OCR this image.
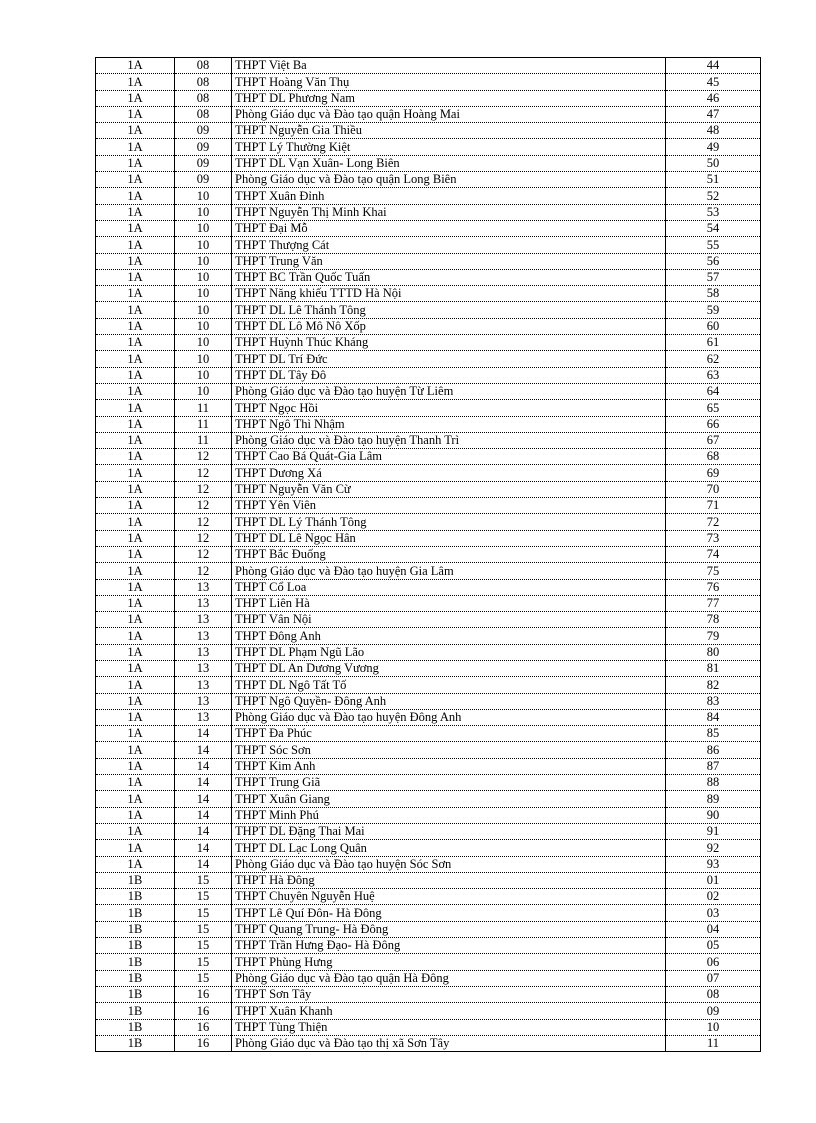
1A	08	THPT Việt Ba	44
1A	08	THPT Hoàng Văn Thụ	45
1A	08	THPT DL Phương Nam	46
1A	08	Phòng Giáo dục và Đào tạo quận Hoàng Mai	47
1A	09	THPT Nguyễn Gia Thiều	48
1A	09	THPT Lý Thường Kiệt	49
1A	09	THPT DL Vạn Xuân- Long Biên	50
1A	09	Phòng Giáo dục và Đào tạo quận Long Biên	51
1A	10	THPT Xuân Đỉnh	52
1A	10	THPT Nguyễn Thị Minh Khai	53
1A	10	THPT Đại Mỗ	54
1A	10	THPT Thượng Cát	55
1A	10	THPT Trung Văn	56
1A	10	THPT BC Trần Quốc Tuấn	57
1A	10	THPT Năng khiếu TTTD Hà Nội	58
1A	10	THPT DL Lê Thánh Tông	59
1A	10	THPT DL Lô Mô Nô Xốp	60
1A	10	THPT Huỳnh Thúc Kháng	61
1A	10	THPT DL Trí Đức	62
1A	10	THPT DL Tây Đô	63
1A	10	Phòng Giáo dục và Đào tạo huyện Từ Liêm	64
1A	11	THPT Ngọc Hồi	65
1A	11	THPT Ngô Thì Nhậm	66
1A	11	Phòng Giáo dục và Đào tạo huyện Thanh Trì	67
1A	12	THPT Cao Bá Quát-Gia Lâm	68
1A	12	THPT Dương Xá	69
1A	12	THPT Nguyễn Văn Cừ	70
1A	12	THPT Yên Viên	71
1A	12	THPT DL Lý Thánh Tông	72
1A	12	THPT DL Lê Ngọc Hân	73
1A	12	THPT Bắc Đuống	74
1A	12	Phòng Giáo dục và Đào tạo huyện Gia Lâm	75
1A	13	THPT Cổ Loa	76
1A	13	THPT Liên Hà	77
1A	13	THPT Vân Nội	78
1A	13	THPT Đông Anh	79
1A	13	THPT DL Phạm Ngũ Lão	80
1A	13	THPT DL An Dương Vương	81
1A	13	THPT DL Ngô Tất Tố	82
1A	13	THPT Ngô Quyền- Đông Anh	83
1A	13	Phòng Giáo dục và Đào tạo huyện Đông Anh	84
1A	14	THPT Đa Phúc	85
1A	14	THPT Sóc Sơn	86
1A	14	THPT Kim Anh	87
1A	14	THPT Trung Giã	88
1A	14	THPT Xuân Giang	89
1A	14	THPT Minh Phú	90
1A	14	THPT DL Đặng Thai Mai	91
1A	14	THPT DL Lạc Long Quân	92
1A	14	Phòng Giáo dục và Đào tạo huyện Sóc Sơn	93
1B	15	THPT Hà Đông	01
1B	15	THPT Chuyên Nguyễn Huệ	02
1B	15	THPT Lê Quí Đôn- Hà Đông	03
1B	15	THPT Quang Trung- Hà Đông	04
1B	15	THPT Trần Hưng Đạo- Hà Đông	05
1B	15	THPT Phùng Hưng	06
1B	15	Phòng Giáo dục và Đào tạo quận Hà Đông	07
1B	16	THPT Sơn Tây	08
1B	16	THPT Xuân Khanh	09
1B	16	THPT Tùng Thiện	10
1B	16	Phòng Giáo dục và Đào tạo thị xã Sơn Tây	11
